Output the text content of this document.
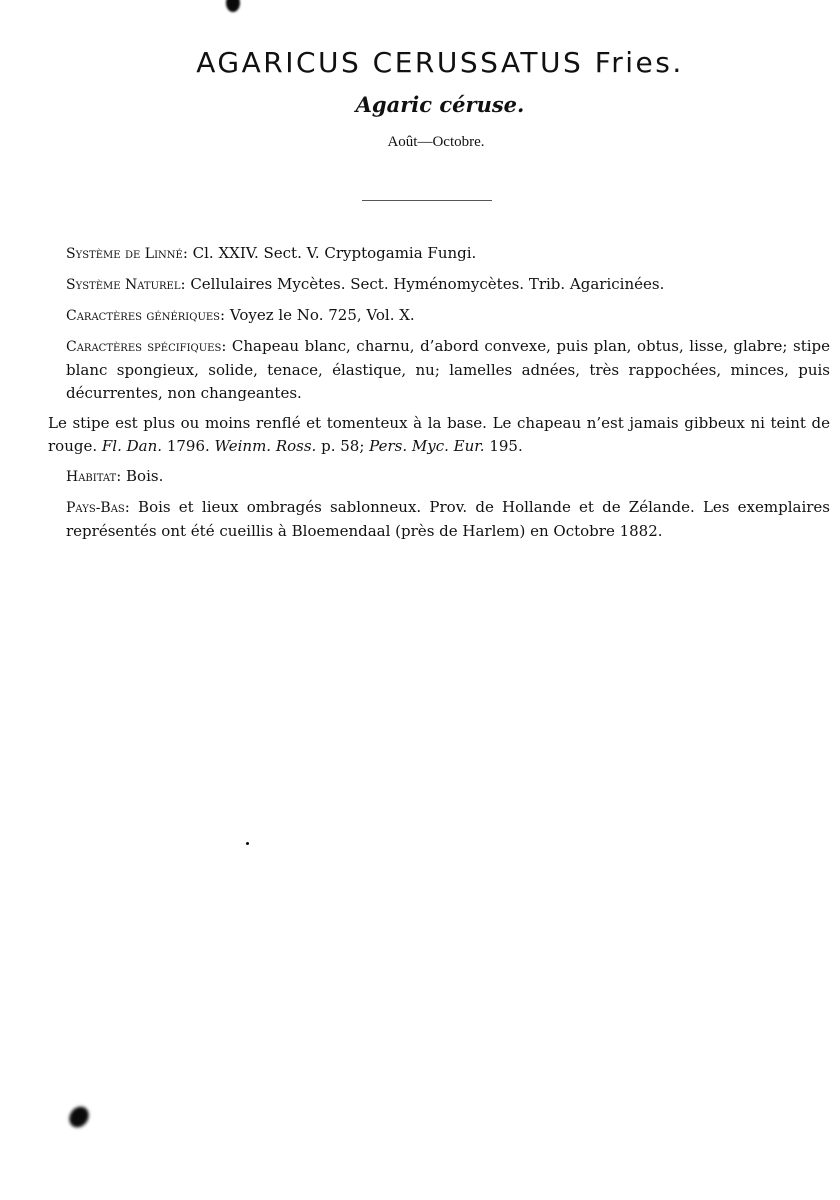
AGARICUS CERUSSATUS Fries.
Agaric céruse.

Août—Octobre.

Système de Linné: Cl. XXIV. Sect. V. Cryptogamia Fungi.

Système Naturel: Cellulaires Mycètes. Sect. Hyménomycètes. Trib. Agaricinées.

Caractères génériques: Voyez le No. 725, Vol. X.

Caractères spécifiques: Chapeau blanc, charnu, d’abord convexe, puis plan, obtus, lisse, glabre; stipe blanc spongieux, solide, tenace, élastique, nu; lamelles adnées, très rappochées, minces, puis décurrentes, non changeantes.

Le stipe est plus ou moins renflé et tomenteux à la base. Le chapeau n’est jamais gibbeux ni teint de rouge. Fl. Dan. 1796. Weinm. Ross. p. 58; Pers. Myc. Eur. 195.

Habitat: Bois.

Pays-Bas: Bois et lieux ombragés sablonneux. Prov. de Hollande et de Zélande. Les exemplaires représentés ont été cueillis à Bloemendaal (près de Harlem) en Octobre 1882.
